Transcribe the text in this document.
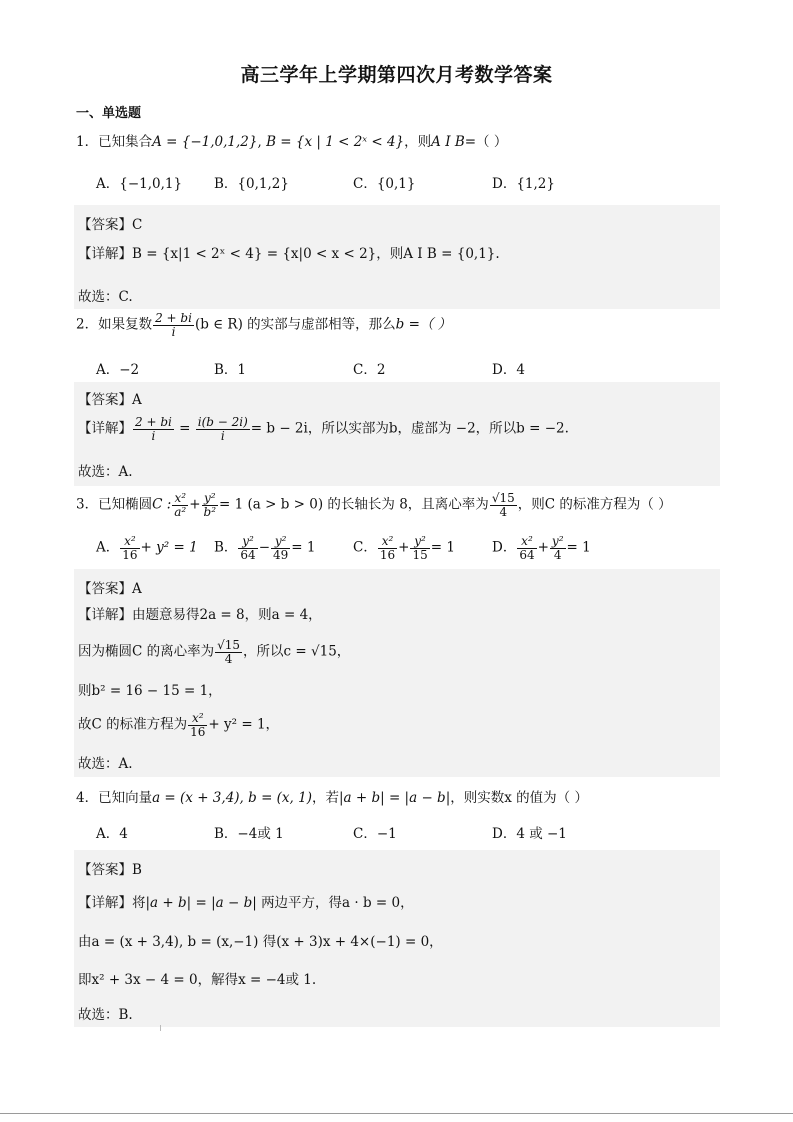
高三学年上学期第四次月考数学答案
一、单选题
1．已知集合A = {−1,0,1,2}, B = {x | 1 < 2ˣ < 4}，则A I B=（ ）
A．{−1,0,1} B．{0,1,2}	C．{0,1}	D．{1,2}
【答案】C
【详解】B = {x|1 < 2ˣ < 4} = {x|0 < x < 2}，则A I B = {0,1}.
故选：C.
2．如果复数 $\frac{2 + bi}{i} (b$ ∈ R) 的实部与虚部相等，那么b =（ ）
A．−2	B．1	C．2	D．4
【答案】A
【详解】 $\frac{2 + bi}{i} = \frac{i(b - 2i)}{i} = b - 2i$，所以实部为b，虚部为 −2，所以b = −2.
故选：A.
3．已知椭圆C : $\frac{\text{x²}}{\text{a²}} + \frac{\text{y²}}{\text{b²}} = 1$ (a > b > 0) 的长轴长为 8，且离心率为 $\frac{√15}{4}$ ，则C 的标准方程为（ ）
A． $\frac{\text{x²}}{16} + y^2 = 1$ B． $\frac{\text{y²}}{64} - \frac{\text{y²}}{49} = 1$	C． $\frac{\text{x²}}{16} + \frac{\text{y²}}{15} = 1$	D． $\frac{\text{x²}}{64} + \frac{\text{y²}}{4} = 1$
【答案】A
【详解】由题意易得2a = 8，则a = 4，
因为椭圆C 的离心率为 $\frac{√15}{4}$ ，所以c = √15，
则b² = 16 − 15 = 1，
故C 的标准方程为 $\frac{\text{x²}}{16} + y^2 = 1$，
故选：A.
4．已知向量a = (x + 3,4), b = (x, 1)，若|a + b| = |a − b|，则实数x 的值为（ ）
A．4	B．−4或 1	C．−1	D．4 或 −1
【答案】B
【详解】将|a + b| = |a − b| 两边平方，得a · b = 0，
由a = (x + 3,4), b = (x,−1) 得(x + 3)x + 4×(−1) = 0，
即x² + 3x − 4 = 0，解得x = −4或 1.
故选：B.
